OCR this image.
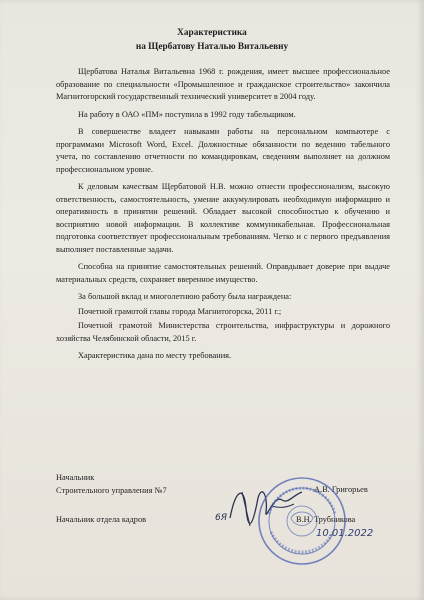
Характеристика
на Щербатову Наталью Витальевну

Щербатова Наталья Витальевна 1968 г. рождения, имеет высшее профессиональное образование по специальности «Промышленное и гражданское строительство» закончила Магнитогорский государственный технический университет в 2004 году.

На работу в ОАО «ПМ» поступила в 1992 году табельщиком.

В совершенстве владеет навыками работы на персональном компьютере с программами Microsoft Word, Excel. Должностные обязанности по ведению табельного учета, по составлению отчетности по командировкам, сведениям выполняет на должном профессиональном уровне.

К деловым качествам Щербатовой Н.В. можно отнести профессионализм, высокую ответственность, самостоятельность, умение аккумулировать необходимую информацию и оперативность в принятии решений. Обладает высокой способностью к обучению и восприятию новой информации. В коллективе коммуникабельная. Профессиональная подготовка соответствует профессиональным требованиям. Четко и с первого предъявления выполняет поставленные задачи.

Способна на принятие самостоятельных решений. Оправдывает доверие при выдаче материальных средств, сохраняет вверенное имущество.

За большой вклад и многолетнюю работу была награждена:

Почетной грамотой главы города Магнитогорска, 2011 г.;

Почетной грамотой Министерства строительства, инфраструктуры и дорожного хозяйства Челябинской области, 2015 г.

Характеристика дана по месту требования.

Начальник
Строительного управления №7	А.В. Григорьев
Начальник отдела кадров	В.Н. Трубникова
6Я
10.01.2022
